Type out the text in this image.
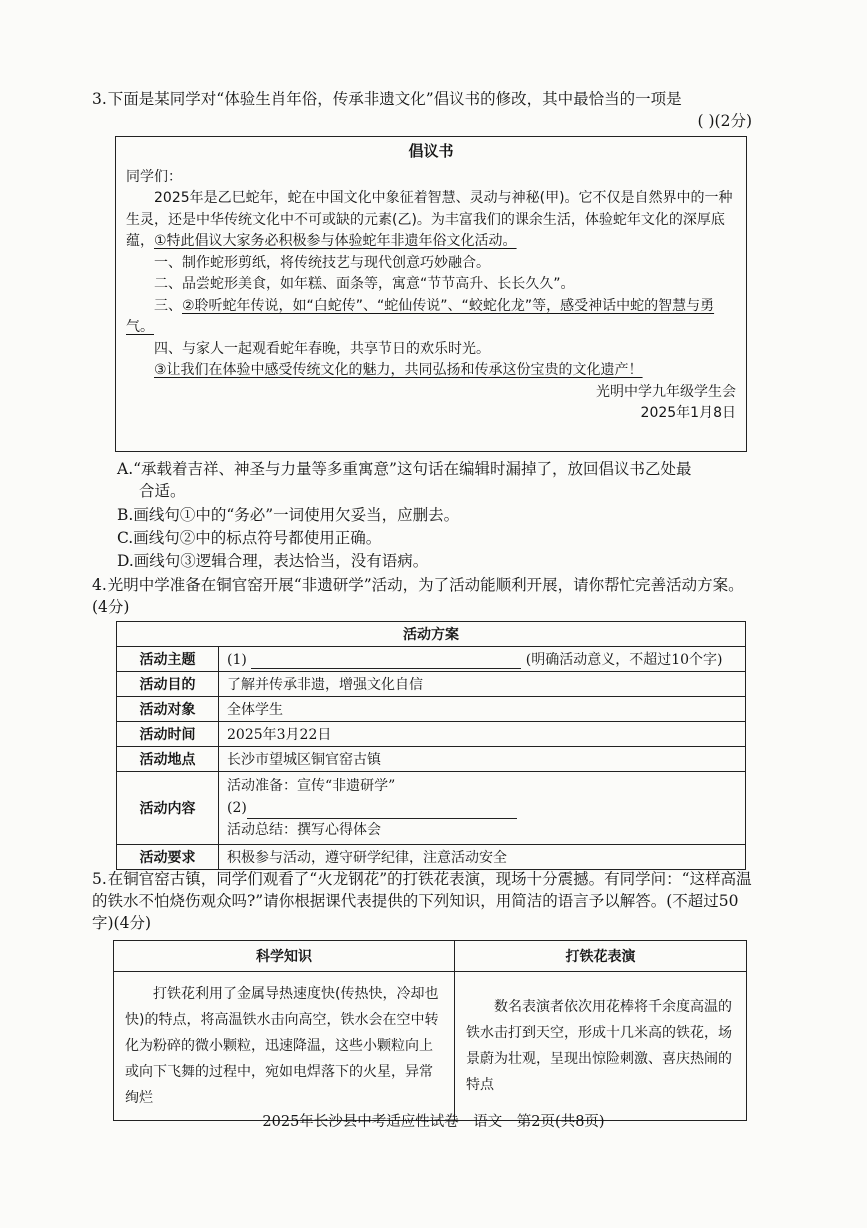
3.下面是某同学对“体验生肖年俗，传承非遗文化”倡议书的修改，其中最恰当的一项是
( )(2分)
倡议书

同学们：

2025年是乙巳蛇年，蛇在中国文化中象征着智慧、灵动与神秘(甲)。它不仅是自然界中的一种生灵，还是中华传统文化中不可或缺的元素(乙)。为丰富我们的课余生活，体验蛇年文化的深厚底蕴，①特此倡议大家务必积极参与体验蛇年非遗年俗文化活动。

一、制作蛇形剪纸，将传统技艺与现代创意巧妙融合。

二、品尝蛇形美食，如年糕、面条等，寓意“节节高升、长长久久”。

三、②聆听蛇年传说，如“白蛇传”、“蛇仙传说”、“蛟蛇化龙”等，感受神话中蛇的智慧与勇气。

四、与家人一起观看蛇年春晚，共享节日的欢乐时光。

③让我们在体验中感受传统文化的魅力，共同弘扬和传承这份宝贵的文化遗产！

光明中学九年级学生会

2025年1月8日

A.“承载着吉祥、神圣与力量等多重寓意”这句话在编辑时漏掉了，放回倡议书乙处最
合适。
B.画线句①中的“务必”一词使用欠妥当，应删去。
C.画线句②中的标点符号都使用正确。
D.画线句③逻辑合理，表达恰当，没有语病。
4.光明中学准备在铜官窑开展“非遗研学”活动，为了活动能顺利开展，请你帮忙完善活动方案。(4分)
活动方案	
活动主题	(1) (明确活动意义，不超过10个字)
活动目的	了解并传承非遗，增强文化自信
活动对象	全体学生
活动时间	2025年3月22日
活动地点	长沙市望城区铜官窑古镇
活动内容	活动准备：宣传“非遗研学”
(2)
活动总结：撰写心得体会

活动要求	积极参与活动，遵守研学纪律，注意活动安全
5.在铜官窑古镇，同学们观看了“火龙钢花”的打铁花表演，现场十分震撼。有同学问：“这样高温的铁水不怕烧伤观众吗?”请你根据课代表提供的下列知识，用简洁的语言予以解答。(不超过50字)(4分)
科学知识	打铁花表演

打铁花利用了金属导热速度快(传热快，冷却也快)的特点，将高温铁水击向高空，铁水会在空中转化为粉碎的微小颗粒，迅速降温，这些小颗粒向上或向下飞舞的过程中，宛如电焊落下的火星，异常绚烂	数名表演者依次用花棒将千余度高温的铁水击打到天空，形成十几米高的铁花，场景蔚为壮观，呈现出惊险刺激、喜庆热闹的特点
2025年长沙县中考适应性试卷　语文　第2页(共8页)
